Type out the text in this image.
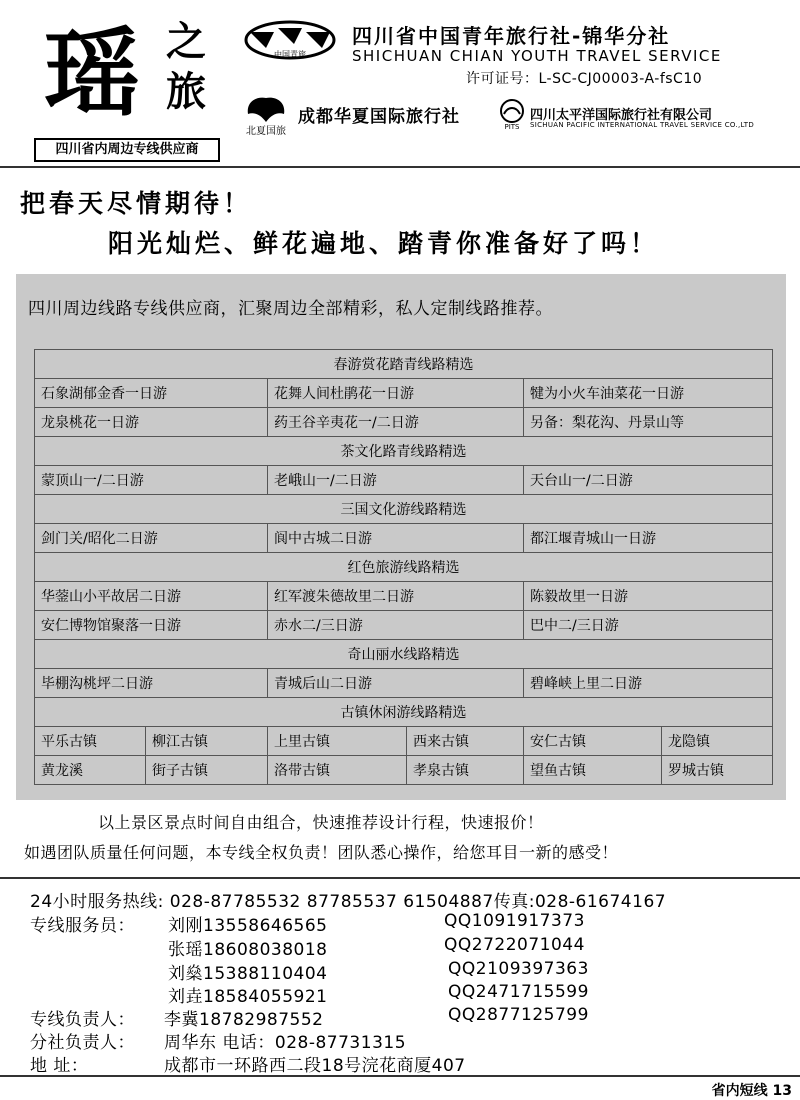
瑶 之
旅
四川省内周边专线供应商
中国青旅
四川省中国青年旅行社-锦华分社
SHICHUAN CHIAN YOUTH TRAVEL SERVICE
许可证号：L-SC-CJ00003-A-fsC10
北夏国旅
成都华夏国际旅行社	PITS
四川太平洋国际旅行社有限公司
SICHUAN PACIFIC INTERNATIONAL TRAVEL SERVICE CO.,LTD
把春天尽情期待！
阳光灿烂、鲜花遍地、踏青你准备好了吗！
四川周边线路专线供应商，汇聚周边全部精彩，私人定制线路推荐。
春游赏花踏青线路精选					
石象湖郁金香一日游		花舞人间杜鹃花一日游		犍为小火车油菜花一日游	
龙泉桃花一日游		药王谷辛夷花一/二日游		另备：梨花沟、丹景山等	
茶文化路青线路精选					
蒙顶山一/二日游		老峨山一/二日游		天台山一/二日游	
三国文化游线路精选					
剑门关/昭化二日游		阆中古城二日游		都江堰青城山一日游	
红色旅游线路精选					
华蓥山小平故居二日游		红军渡朱德故里二日游		陈毅故里一日游	
安仁博物馆聚落一日游		赤水二/三日游		巴中二/三日游	
奇山丽水线路精选					
毕棚沟桃坪二日游		青城后山二日游		碧峰峡上里二日游	
古镇休闲游线路精选					
平乐古镇	柳江古镇	上里古镇	西来古镇	安仁古镇	龙隐镇
黄龙溪	街子古镇	洛带古镇	孝泉古镇	望鱼古镇	罗城古镇
以上景区景点时间自由组合，快速推荐设计行程，快速报价！
如遇团队质量任何问题，本专线全权负责！团队悉心操作，给您耳目一新的感受！
24小时服务热线: 028-87785532 87785537 61504887传真:028-61674167
专线服务员： 刘刚13558646565	QQ1091917373
张瑶18608038018	QQ2722071044
刘燊15388110404	QQ2109397363
刘垚18584055921	QQ2471715599
专线负责人： 李冀18782987552	QQ2877125799
分社负责人： 周华东 电话：028-87731315
地 址：	成都市一环路西二段18号浣花商厦407
省内短线 13
